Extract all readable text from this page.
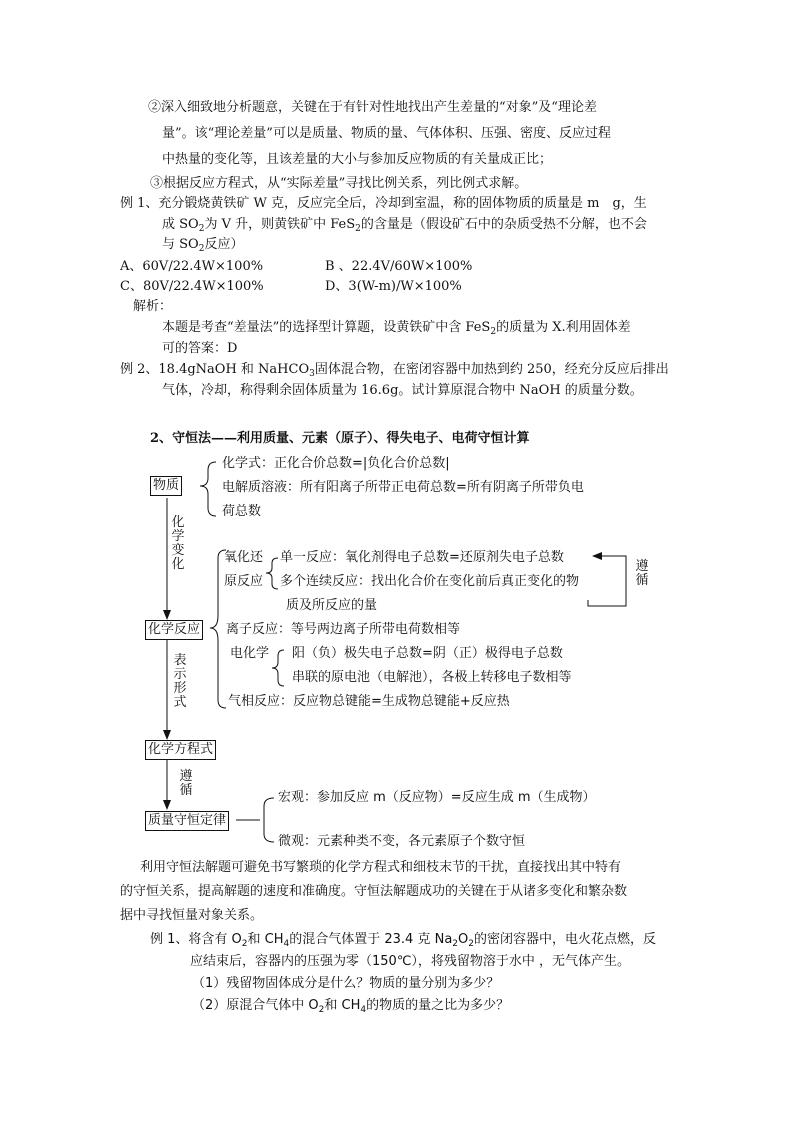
②深入细致地分析题意，关键在于有针对性地找出产生差量的“对象”及“理论差
量”。该“理论差量”可以是质量、物质的量、气体体积、压强、密度、反应过程
中热量的变化等，且该差量的大小与参加反应物质的有关量成正比；
③根据反应方程式，从“实际差量”寻找比例关系，列比例式求解。
例 1、充分锻烧黄铁矿 W 克，反应完全后，冷却到室温，称的固体物质的质量是 m　g，生
成 $SO_2$为 V 升，则黄铁矿中 FeS$_2$的含量是（假设矿石中的杂质受热不分解，也不会
与 $SO_2$反应）
A、60V/22.4W×100%	B 、22.4V/60W×100%
C、80V/22.4W×100%	D、3(W-m)/W×100%
解析：
本题是考查“差量法”的选择型计算题，设黄铁矿中含 FeS$_2$的质量为 X.利用固体差
可的答案：D
例 2、18.4gNaOH 和 NaHCO$_3$固体混合物，在密闭容器中加热到约 250，经充分反应后排出
气体，冷却，称得剩余固体质量为 16.6g。试计算原混合物中 NaOH 的质量分数。
2、守恒法——利用质量、元素（原子）、得失电子、电荷守恒计算
物质
化学式：正化合价总数=|负化合价总数|
电解质溶液：所有阳离子所带正电荷总数=所有阴离子所带负电
荷总数
化学变化	氧化还
原反应
单一反应：氧化剂得电子总数=还原剂失电子总数
多个连续反应：找出化合价在变化前后真正变化的物
质及所反应的量
遵循
化学反应 离子反应：等号两边离子所带电荷数相等
电化学 阳（负）极失电子总数=阴（正）极得电子总数
串联的原电池（电解池），各极上转移电子数相等
气相反应：反应物总键能=生成物总键能+反应热
表示形式
化学方程式
遵循
质量守恒定律
宏观：参加反应 m（反应物）=反应生成 m（生成物）
微观：元素种类不变，各元素原子个数守恒
利用守恒法解题可避免书写繁琐的化学方程式和细枝末节的干扰，直接找出其中特有
的守恒关系，提高解题的速度和准确度。守恒法解题成功的关键在于从诸多变化和繁杂数
据中寻找恒量对象关系。
例 1、将含有 $O_2$和 $CH_4$的混合气体置于 23.4 克 $Na_2O_2$的密闭容器中，电火花点燃，反
应结束后，容器内的压强为零（150℃），将残留物溶于水中 ，无气体产生。
（1）残留物固体成分是什么？物质的量分别为多少？
（2）原混合气体中 $O_2$和 $CH_4$的物质的量之比为多少？
